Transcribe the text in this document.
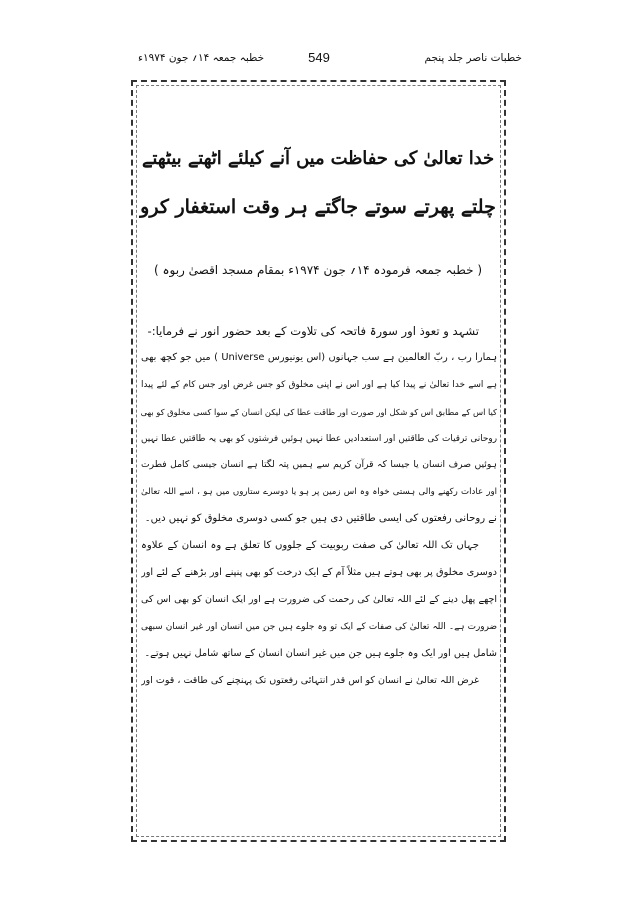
خطبہ جمعہ ۱۴؍ جون ۱۹۷۴ء	549	خطبات ناصر جلد پنجم
خدا تعالیٰ کی حفاظت میں آنے کیلئے اٹھتے بیٹھتے
چلتے پھرتے سوتے جاگتے ہر وقت استغفار کرو
( خطبہ جمعہ فرمودہ ۱۴؍ جون ۱۹۷۴ء بمقام مسجد اقصیٰ ربوہ )
تشہد و تعوذ اور سورۃ فاتحہ کی تلاوت کے بعد حضور انور نے فرمایا:-
ہمارا رب ، ربّ العالمین ہے سب جہانوں (اس یونیورس Universe ) میں جو کچھ بھی
ہے اسے خدا تعالیٰ نے پیدا کیا ہے اور اس نے اپنی مخلوق کو جس غرض اور جس کام کے لئے پیدا
کیا اس کے مطابق اس کو شکل اور صورت اور طاقت عطا کی لیکن انسان کے سوا کسی مخلوق کو بھی
روحانی ترقیات کی طاقتیں اور استعدادیں عطا نہیں ہوئیں فرشتوں کو بھی یہ طاقتیں عطا نہیں
ہوئیں صرف انسان یا جیسا کہ قرآن کریم سے ہمیں پتہ لگتا ہے انسان جیسی کامل فطرت
اور عادات رکھنے والی ہستی خواہ وہ اس زمین پر ہو یا دوسرے ستاروں میں ہو ، اسے اللہ تعالیٰ
نے روحانی رفعتوں کی ایسی طاقتیں دی ہیں جو کسی دوسری مخلوق کو نہیں دیں۔
جہاں تک اللہ تعالیٰ کی صفت ربوبیت کے جلووں کا تعلق ہے وہ انسان کے علاوہ
دوسری مخلوق پر بھی ہوتے ہیں مثلاً آم کے ایک درخت کو بھی پنپنے اور بڑھنے کے لئے اور
اچھے پھل دینے کے لئے اللہ تعالیٰ کی رحمت کی ضرورت ہے اور ایک انسان کو بھی اس کی
ضرورت ہے۔ اللہ تعالیٰ کی صفات کے ایک تو وہ جلوے ہیں جن میں انسان اور غیر انسان سبھی
شامل ہیں اور ایک وہ جلوے ہیں جن میں غیر انسان انسان کے ساتھ شامل نہیں ہوتے۔
غرض اللہ تعالیٰ نے انسان کو اس قدر انتہائی رفعتوں تک پہنچنے کی طاقت ، قوت اور
